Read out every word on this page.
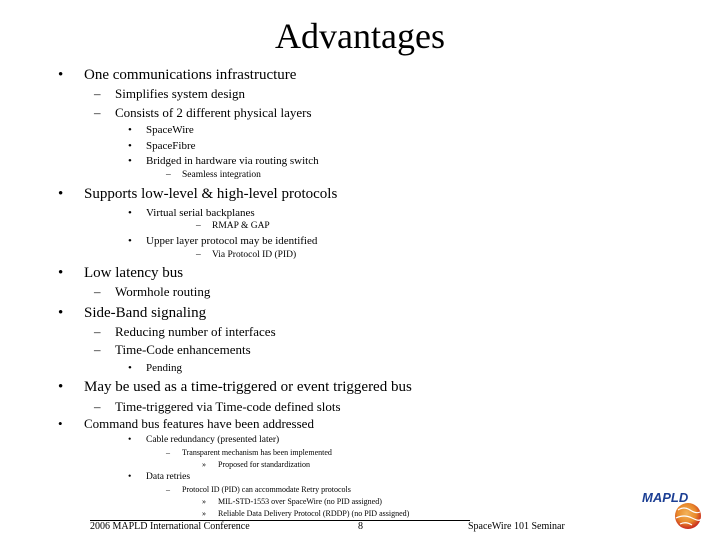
Advantages
• One communications infrastructure
– Simplifies system design
– Consists of 2 different physical layers
• SpaceWire
• SpaceFibre
• Bridged in hardware via routing switch
– Seamless integration
• Supports low-level & high-level protocols
• Virtual serial backplanes
– RMAP & GAP
• Upper layer protocol may be identified
– Via Protocol ID (PID)
• Low latency bus
– Wormhole routing
• Side-Band signaling
– Reducing number of interfaces
– Time-Code enhancements
• Pending
• May be used as a time-triggered or event triggered bus
– Time-triggered via Time-code defined slots
• Command bus features have been addressed
• Cable redundancy (presented later)
– Transparent mechanism has been implemented
» Proposed for standardization
• Data retries
– Protocol ID (PID) can accommodate Retry protocols
» MIL-STD-1553 over SpaceWire (no PID assigned)
» Reliable Data Delivery Protocol (RDDP) (no PID assigned)
2006 MAPLD International Conference	8	SpaceWire 101 Seminar
MAPLD
